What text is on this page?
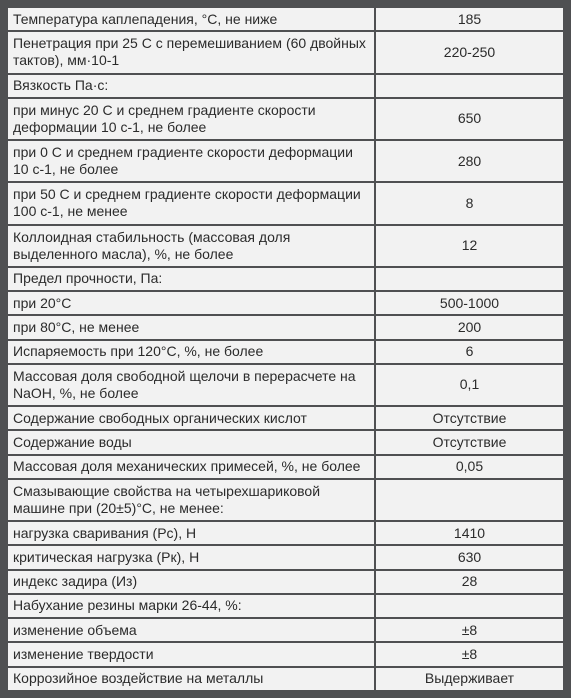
Температура каплепадения, °С, не ниже	185
Пенетрация при 25 С с перемешиванием (60 двойных тактов), мм·10-1	220-250
Вязкость Па·с:	
при минус 20 С и среднем градиенте скорости деформации 10 с-1, не более	650
при 0 С и среднем градиенте скорости деформации 10 с-1, не более	280
при 50 С и среднем градиенте скорости деформации 100 с-1, не менее	8
Коллоидная стабильность (массовая доля выделенного масла), %, не более	12
Предел прочности, Па:	
при 20°С	500-1000
при 80°С, не менее	200
Испаряемость при 120°С, %, не более	6
Массовая доля свободной щелочи в перерасчете на NaOH, %, не более	0,1
Содержание свободных органических кислот	Отсутствие
Содержание воды	Отсутствие
Массовая доля механических примесей, %, не более	0,05
Смазывающие свойства на четырехшариковой машине при (20±5)°С, не менее:	
нагрузка сваривания (Рс), Н	1410
критическая нагрузка (Рк), Н	630
индекс задира (Из)	28
Набухание резины марки 26-44, %:	
изменение объема	±8
изменение твердости	±8
Коррозийное воздействие на металлы	Выдерживает
